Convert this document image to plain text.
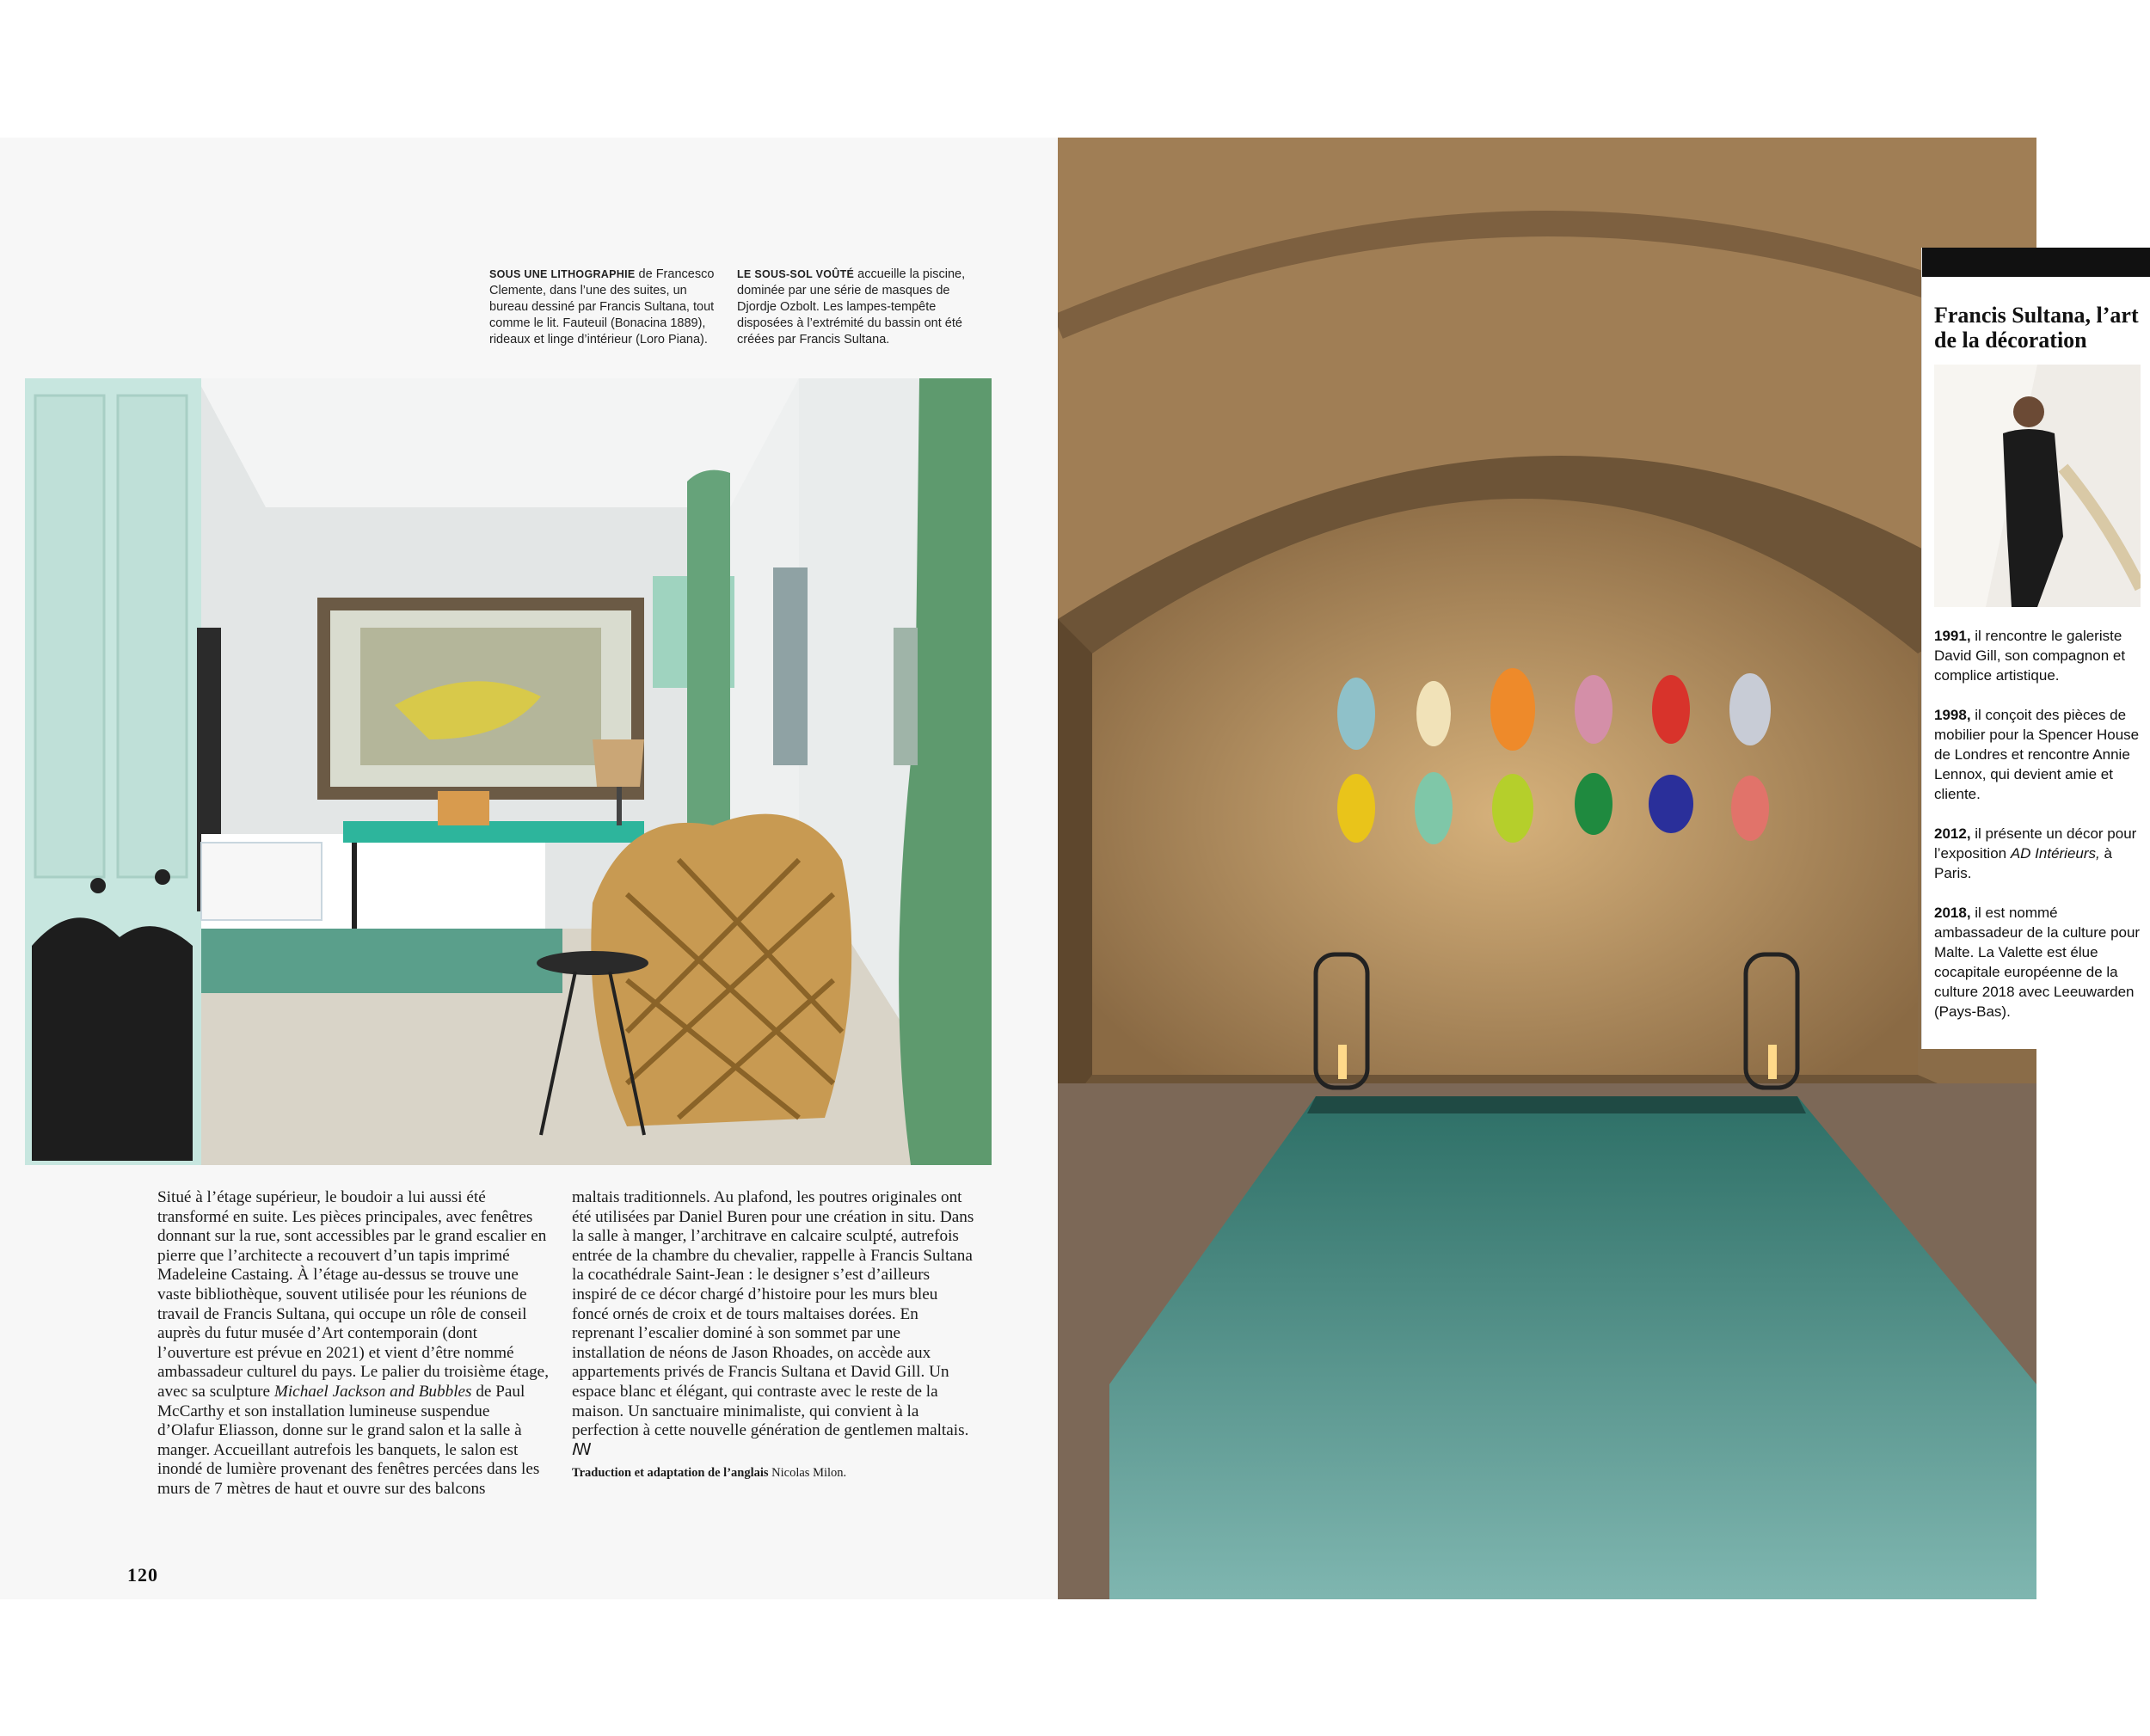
SOUS UNE LITHOGRAPHIE de Francesco Clemente, dans l’une des suites, un bureau dessiné par Francis Sultana, tout comme le lit. Fauteuil (Bonacina 1889), rideaux et linge d’intérieur (Loro Piana).
LE SOUS-SOL VOÛTÉ accueille la piscine, dominée par une série de masques de Djordje Ozbolt. Les lampes-tempête disposées à l’extrémité du bassin ont été créées par Francis Sultana.
Situé à l’étage supérieur, le boudoir a lui aussi été transformé en suite. Les pièces principales, avec fenêtres donnant sur la rue, sont accessibles par le grand escalier en pierre que l’architecte a recouvert d’un tapis imprimé Madeleine Castaing. À l’étage au-dessus se trouve une vaste bibliothèque, souvent utilisée pour les réunions de travail de Francis Sultana, qui occupe un rôle de conseil auprès du futur musée d’Art contemporain (dont l’ouverture est prévue en 2021) et vient d’être nommé ambassadeur culturel du pays. Le palier du troisième étage, avec sa sculpture Michael Jackson and Bubbles de Paul McCarthy et son installation lumineuse suspendue d’Olafur Eliasson, donne sur le grand salon et la salle à manger. Accueillant autrefois les banquets, le salon est inondé de lumière provenant des fenêtres percées dans les murs de 7 mètres de haut et ouvre sur des balcons
maltais traditionnels. Au plafond, les poutres originales ont été utilisées par Daniel Buren pour une création in situ. Dans la salle à manger, l’architrave en calcaire sculpté, autrefois entrée de la chambre du chevalier, rappelle à Francis Sultana la cocathédrale Saint-Jean : le designer s’est d’ailleurs inspiré de ce décor chargé d’histoire pour les murs bleu foncé ornés de croix et de tours maltaises dorées. En reprenant l’escalier dominé à son sommet par une installation de néons de Jason Rhoades, on accède aux appartements privés de Francis Sultana et David Gill. Un espace blanc et élégant, qui contraste avec le reste de la maison. Un sanctuaire minimaliste, qui convient à la perfection à cette nouvelle génération de gentlemen maltais. ꟿ
Traduction et adaptation de l’anglais Nicolas Milon.
120
Francis Sultana, l’art de la décoration

1991, il rencontre le galeriste David Gill, son compagnon et complice artistique.

1998, il conçoit des pièces de mobilier pour la Spencer House de Londres et rencontre Annie Lennox, qui devient amie et cliente.

2012, il présente un décor pour l’exposition AD Intérieurs, à Paris.

2018, il est nommé ambassadeur de la culture pour Malte. La Valette est élue cocapitale européenne de la culture 2018 avec Leeuwarden (Pays-Bas).
